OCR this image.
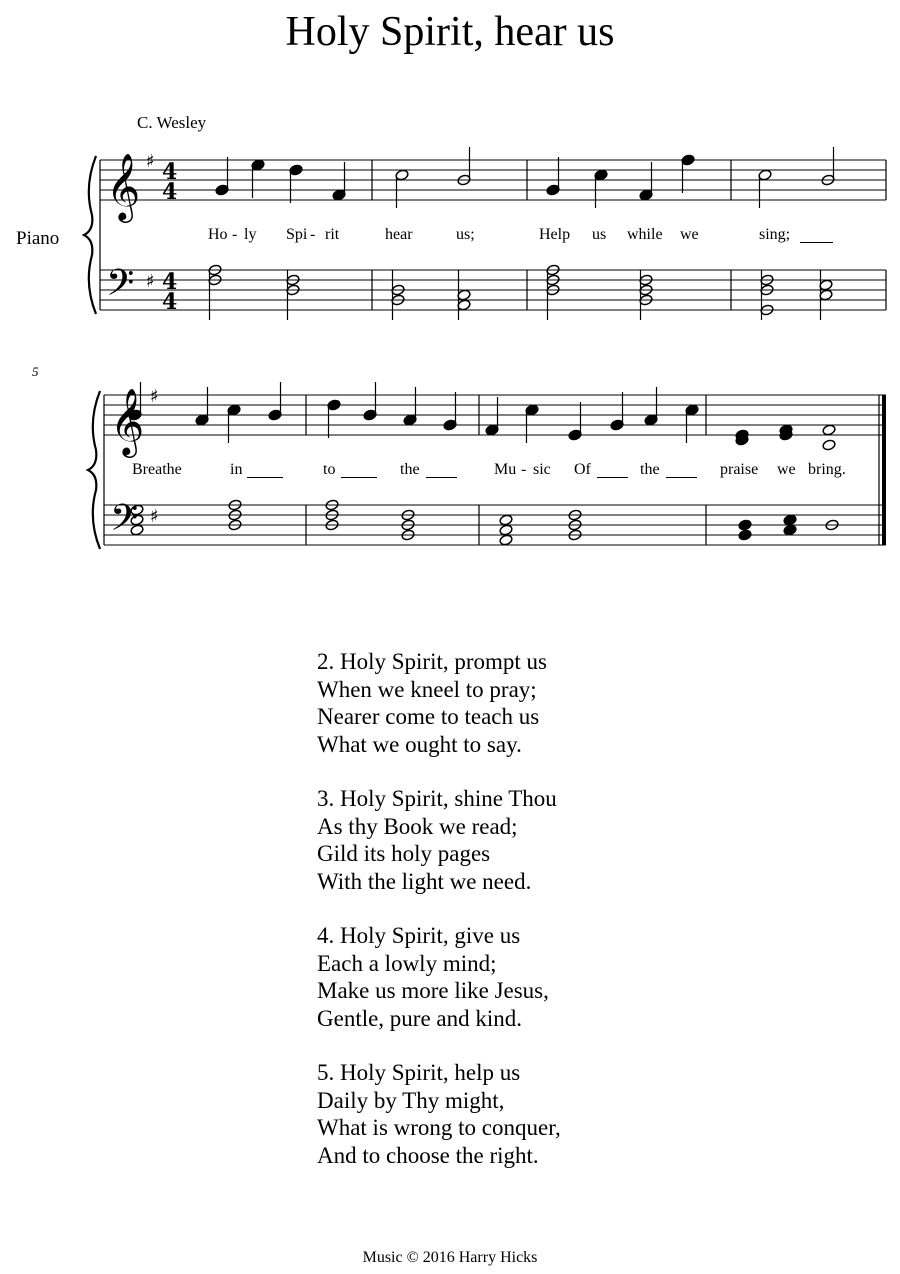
Holy Spirit, hear us
C. Wesley
Piano
5
𝄞
𝄢
♯
♯
4
4
4
4
𝄞
𝄢
♯
♯
Ho - ly Spi - rit	hear	us;	Help us while we	sing;
Breathe	in	to	the	Mu - sic Of	the	praise we bring.
2. Holy Spirit, prompt us
When we kneel to pray;
Nearer come to teach us
What we ought to say.
3. Holy Spirit, shine Thou
As thy Book we read;
Gild its holy pages
With the light we need.
4. Holy Spirit, give us
Each a lowly mind;
Make us more like Jesus,
Gentle, pure and kind.
5. Holy Spirit, help us
Daily by Thy might,
What is wrong to conquer,
And to choose the right.
Music © 2016 Harry Hicks
